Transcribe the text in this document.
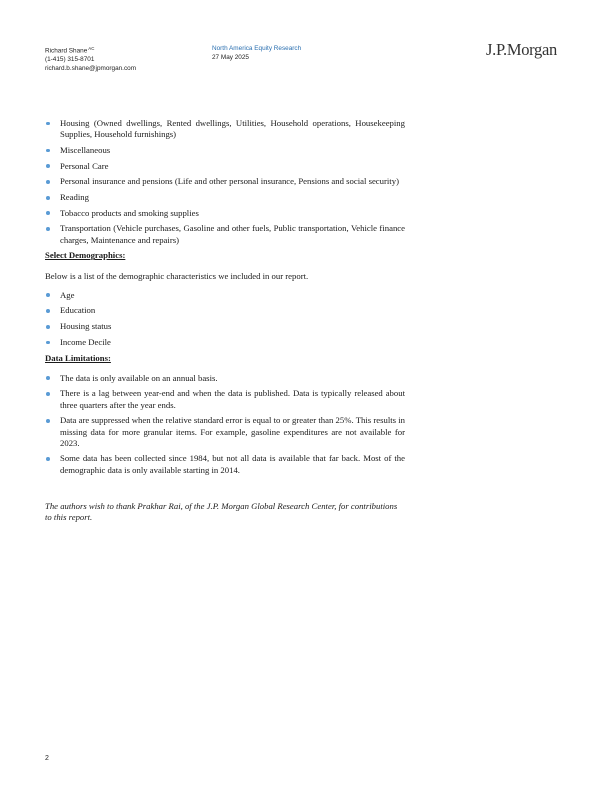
Richard Shane$^{AC}$
(1-415) 315-8701
richard.b.shane@jpmorgan.com
North America Equity Research
27 May 2025	J.P.Morgan
Housing (Owned dwellings, Rented dwellings, Utilities, Household operations, Housekeeping Supplies, Household furnishings)
Miscellaneous
Personal Care
Personal insurance and pensions (Life and other personal insurance, Pensions and social security)
Reading
Tobacco products and smoking supplies
Transportation (Vehicle purchases, Gasoline and other fuels, Public transportation, Vehicle finance charges, Maintenance and repairs)
Select Demographics:

Below is a list of the demographic characteristics we included in our report.

Age
Education
Housing status
Income Decile
Data Limitations:
The data is only available on an annual basis.
There is a lag between year-end and when the data is published. Data is typically released about three quarters after the year ends.
Data are suppressed when the relative standard error is equal to or greater than 25%. This results in missing data for more granular items. For example, gasoline expenditures are not available for 2023.
Some data has been collected since 1984, but not all data is available that far back. Most of the demographic data is only available starting in 2014.

The authors wish to thank Prakhar Rai, of the J.P. Morgan Global Research Center, for contributions to this report.

2
